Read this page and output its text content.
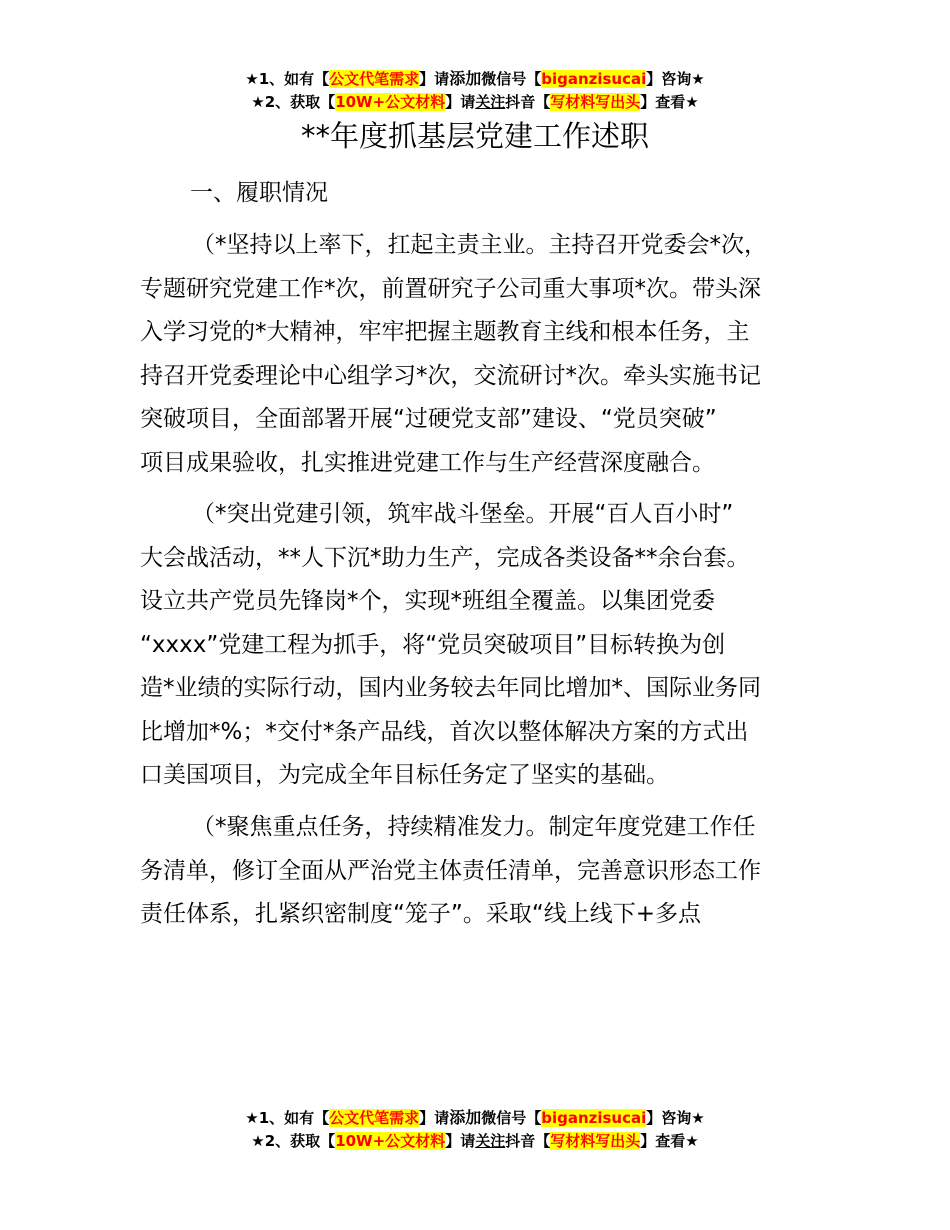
★1、如有【公文代笔需求】请添加微信号【biganzisucai】咨询★
★2、获取【10W+公文材料】请关注抖音【写材料写出头】查看★
**年度抓基层党建工作述职
一、履职情况
（*坚持以上率下，扛起主责主业。主持召开党委会*次，
专题研究党建工作*次，前置研究子公司重大事项*次。带头深
入学习党的*大精神，牢牢把握主题教育主线和根本任务，主
持召开党委理论中心组学习*次，交流研讨*次。牵头实施书记
突破项目，全面部署开展“过硬党支部”建设、“党员突破”
项目成果验收，扎实推进党建工作与生产经营深度融合。
（*突出党建引领，筑牢战斗堡垒。开展“百人百小时”
大会战活动，**人下沉*助力生产，完成各类设备**余台套。
设立共产党员先锋岗*个，实现*班组全覆盖。以集团党委
“xxxx”党建工程为抓手，将“党员突破项目”目标转换为创
造*业绩的实际行动，国内业务较去年同比增加*、国际业务同
比增加*%；*交付*条产品线，首次以整体解决方案的方式出
口美国项目，为完成全年目标任务定了坚实的基础。
（*聚焦重点任务，持续精准发力。制定年度党建工作任
务清单，修订全面从严治党主体责任清单，完善意识形态工作
责任体系，扎紧织密制度“笼子”。采取“线上线下+多点
★1、如有【公文代笔需求】请添加微信号【biganzisucai】咨询★
★2、获取【10W+公文材料】请关注抖音【写材料写出头】查看★
